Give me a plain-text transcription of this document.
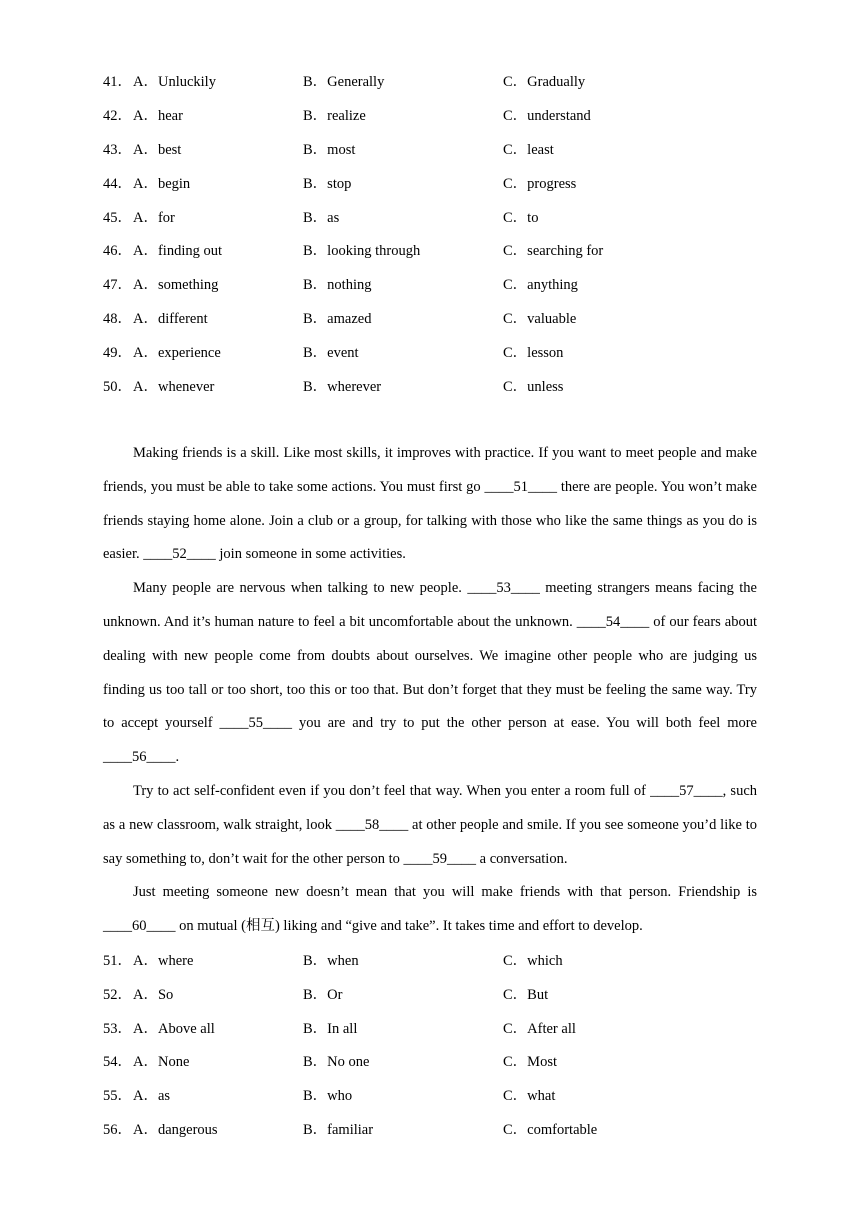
41． A．Unluckily	B．Generally	C．Gradually
42． A．hear	B．realize	C．understand
43． A．best	B．most	C．least
44． A．begin	B．stop	C．progress
45． A．for	B．as	C．to
46． A．finding out	B．looking through	C．searching for
47． A．something	B．nothing	C．anything
48． A．different	B．amazed	C．valuable
49． A．experience	B．event	C．lesson
50． A．whenever	B．wherever	C．unless

Making friends is a skill. Like most skills, it improves with practice. If you want to meet people and make friends, you must be able to take some actions. You must first go ____51____ there are people. You won’t make friends staying home alone. Join a club or a group, for talking with those who like the same things as you do is easier. ____52____ join someone in some activities.

Many people are nervous when talking to new people. ____53____ meeting strangers means facing the unknown. And it’s human nature to feel a bit uncomfortable about the unknown. ____54____ of our fears about dealing with new people come from doubts about ourselves. We imagine other people who are judging us finding us too tall or too short, too this or too that. But don’t forget that they must be feeling the same way. Try to accept yourself ____55____ you are and try to put the other person at ease. You will both feel more ____56____.

Try to act self-confident even if you don’t feel that way. When you enter a room full of ____57____, such as a new classroom, walk straight, look ____58____ at other people and smile. If you see someone you’d like to say something to, don’t wait for the other person to ____59____ a conversation.

Just meeting someone new doesn’t mean that you will make friends with that person. Friendship is ____60____ on mutual (相互) liking and “give and take”. It takes time and effort to develop.

51． A．where	B．when	C．which
52． A．So	B．Or	C．But
53． A．Above all	B．In all	C．After all
54． A．None	B．No one	C．Most
55． A．as	B．who	C．what
56． A．dangerous	B．familiar	C．comfortable
